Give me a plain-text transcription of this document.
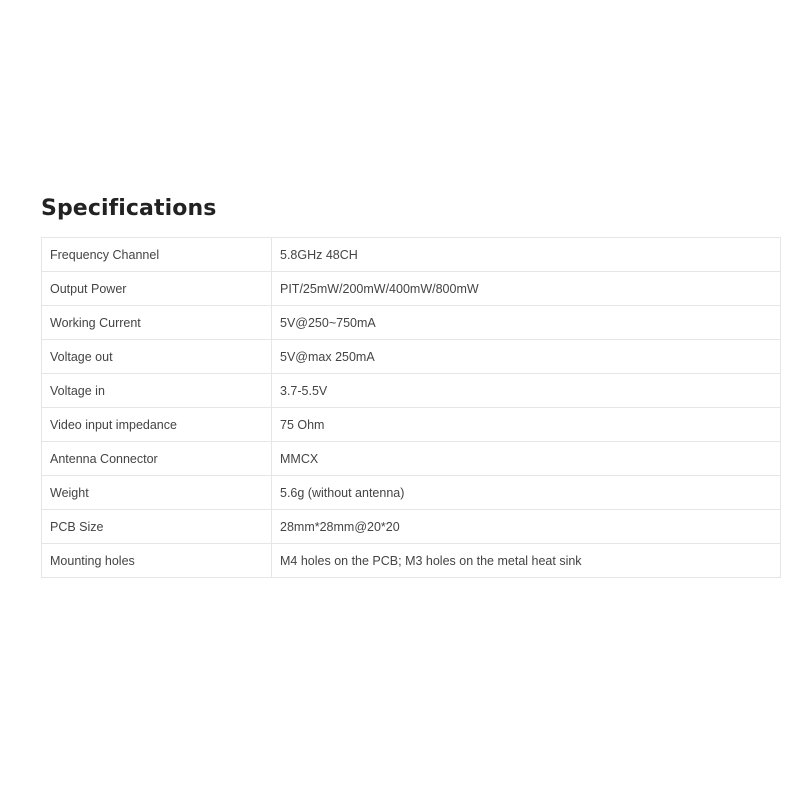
Specifications
Frequency Channel	5.8GHz 48CH
Output Power	PIT/25mW/200mW/400mW/800mW
Working Current	5V@250~750mA
Voltage out	5V@max 250mA
Voltage in	3.7-5.5V
Video input impedance	75 Ohm
Antenna Connector	MMCX
Weight	5.6g (without antenna)
PCB Size	28mm*28mm@20*20
Mounting holes	M4 holes on the PCB; M3 holes on the metal heat sink
